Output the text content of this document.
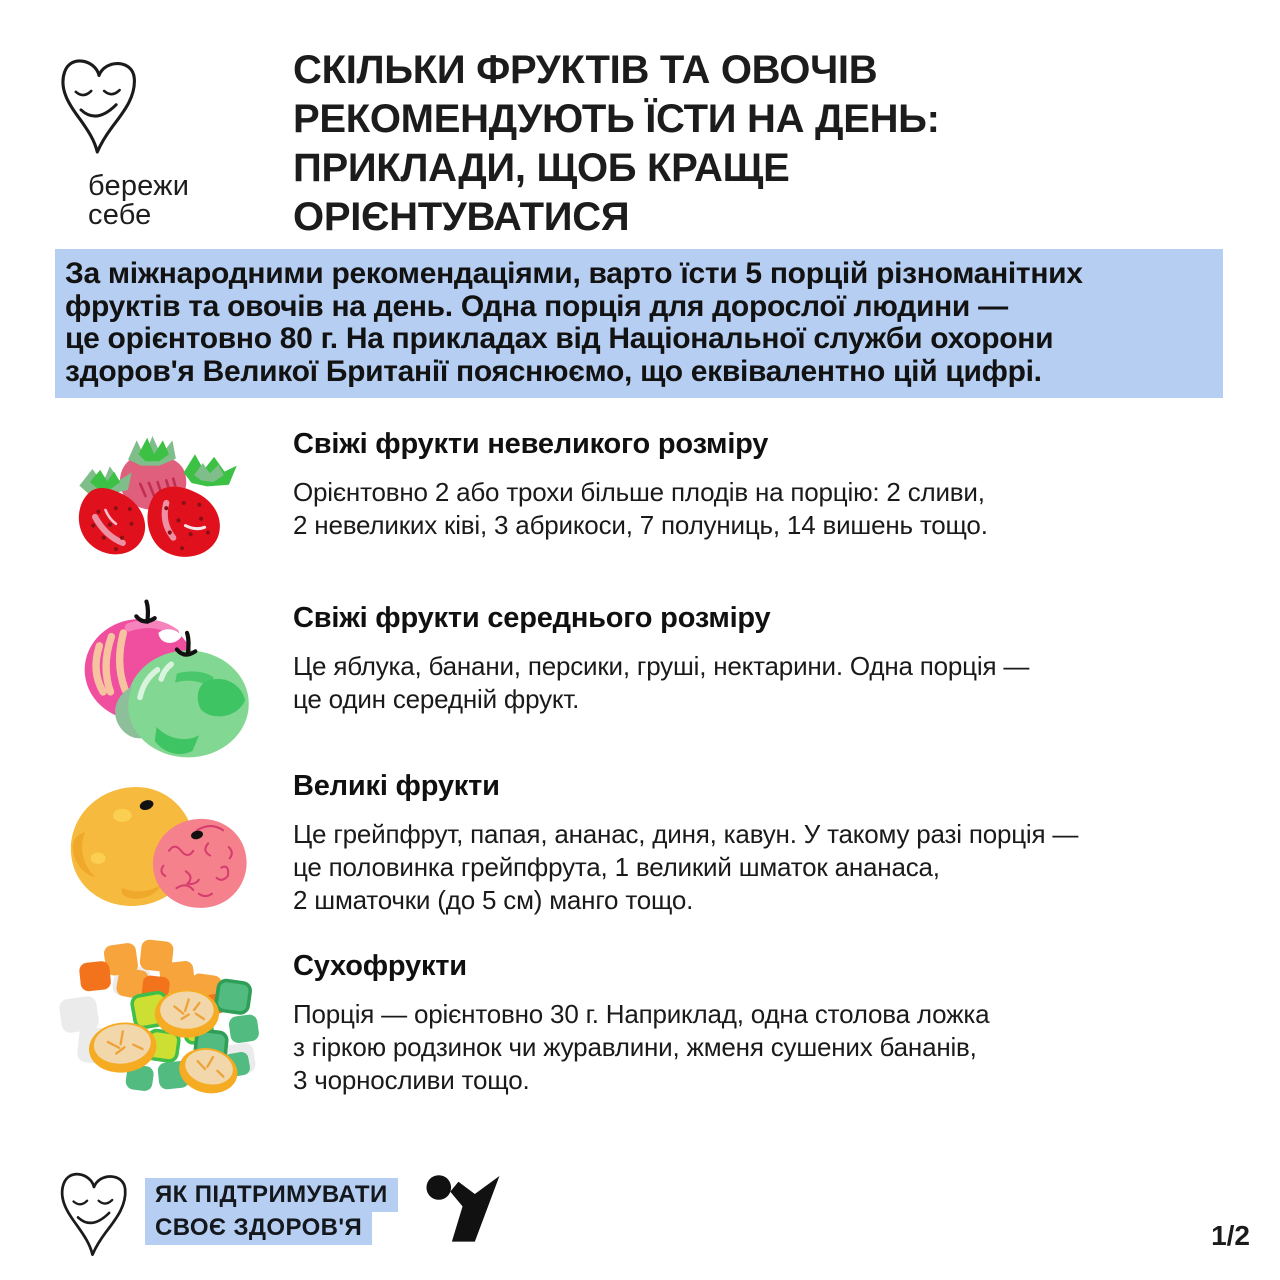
бережи
себе
СКІЛЬКИ ФРУКТІВ ТА ОВОЧІВ
РЕКОМЕНДУЮТЬ ЇСТИ НА ДЕНЬ:
ПРИКЛАДИ, ЩОБ КРАЩЕ
ОРІЄНТУВАТИСЯ
За міжнародними рекомендаціями, варто їсти 5 порцій різноманітних
фруктів та овочів на день. Одна порція для дорослої людини —
це орієнтовно 80 г. На прикладах від Національної служби охорони
здоров'я Великої Британії пояснюємо, що еквівалентно цій цифрі.
Свіжі фрукти невеликого розміру
Орієнтовно 2 або трохи більше плодів на порцію: 2 сливи,
2 невеликих ківі, 3 абрикоси, 7 полуниць, 14 вишень тощо.
Свіжі фрукти середнього розміру
Це яблука, банани, персики, груші, нектарини. Одна порція —
це один середній фрукт.
Великі фрукти
Це грейпфрут, папая, ананас, диня, кавун. У такому разі порція —
це половинка грейпфрута, 1 великий шматок ананаса,
2 шматочки (до 5 см) манго тощо.
Сухофрукти
Порція — орієнтовно 30 г. Наприклад, одна столова ложка
з гіркою родзинок чи журавлини, жменя сушених бананів,
3 чорносливи тощо.
ЯК ПІДТРИМУВАТИ
СВОЄ ЗДОРОВ'Я	1/2
